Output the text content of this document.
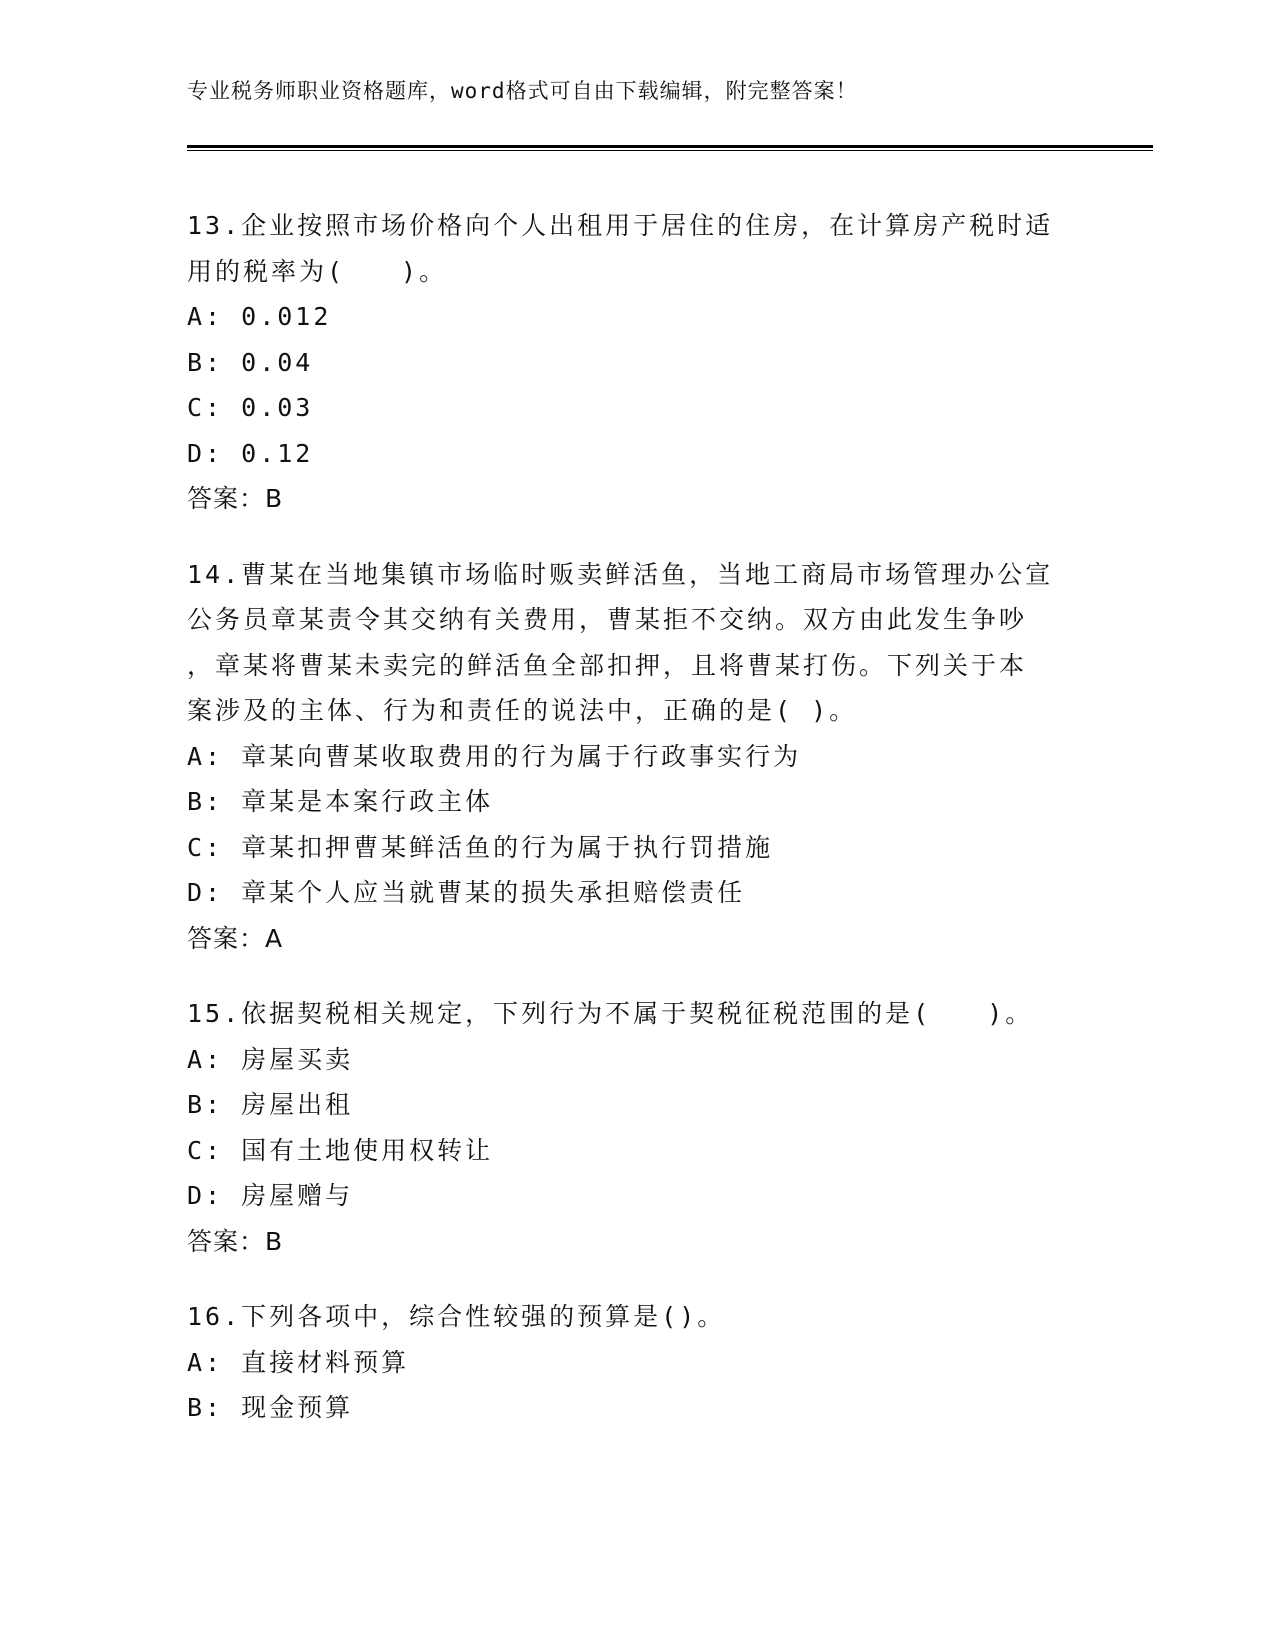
专业税务师职业资格题库，word格式可自由下载编辑，附完整答案！
13.企业按照市场价格向个人出租用于居住的住房，在计算房产税时适
用的税率为(　　)。
A: 0.012
B: 0.04
C: 0.03
D: 0.12
答案：B
14.曹某在当地集镇市场临时贩卖鲜活鱼，当地工商局市场管理办公宣
公务员章某责令其交纳有关费用，曹某拒不交纳。双方由此发生争吵
，章某将曹某未卖完的鲜活鱼全部扣押，且将曹某打伤。下列关于本
案涉及的主体、行为和责任的说法中，正确的是( )。
A: 章某向曹某收取费用的行为属于行政事实行为
B: 章某是本案行政主体
C: 章某扣押曹某鲜活鱼的行为属于执行罚措施
D: 章某个人应当就曹某的损失承担赔偿责任
答案：A
15.依据契税相关规定，下列行为不属于契税征税范围的是(　　)。
A: 房屋买卖
B: 房屋出租
C: 国有土地使用权转让
D: 房屋赠与
答案：B
16.下列各项中，综合性较强的预算是()。
A: 直接材料预算
B: 现金预算
